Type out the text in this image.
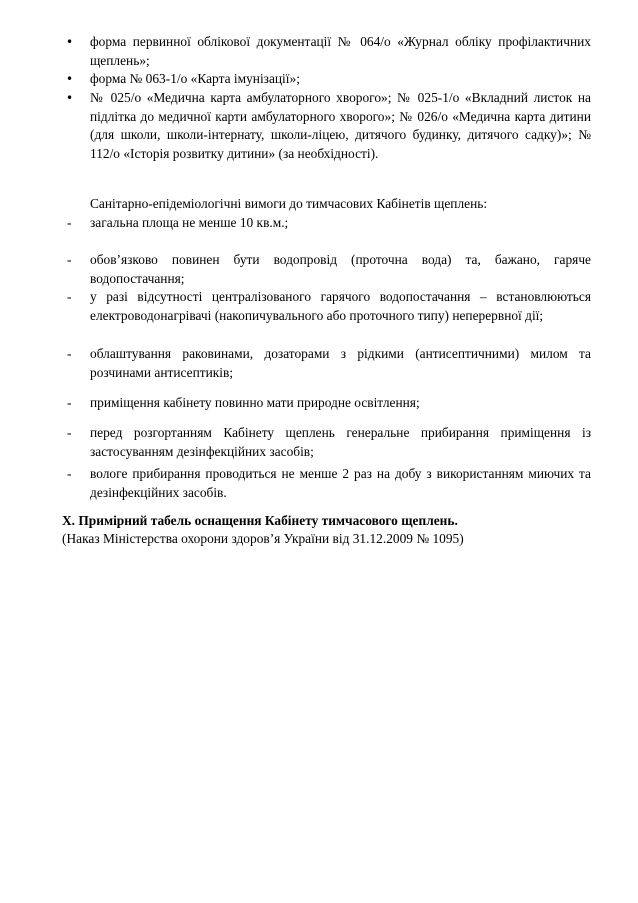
•	форма первинної облікової документації № 064/о «Журнал обліку профілактичних щеплень»;
•	форма № 063-1/о «Карта імунізації»;
•	№ 025/о «Медична карта амбулаторного хворого»; № 025-1/о «Вкладний листок на підлітка до медичної карти амбулаторного хворого»; № 026/о «Медична карта дитини (для школи, школи-інтернату, школи-ліцею, дитячого будинку, дитячого садку)»; № 112/о «Історія розвитку дитини» (за необхідності).
Санітарно-епідеміологічні вимоги до тимчасових Кабінетів щеплень:
-	загальна площа не менше 10 кв.м.;
-	обов’язково повинен бути водопровід (проточна вода) та, бажано, гаряче водопостачання;
-	у разі відсутності централізованого гарячого водопостачання – встановлюються електроводонагрівачі (накопичувального або проточного типу) неперервної дії;
-	облаштування раковинами, дозаторами з рідкими (антисептичними) милом та розчинами антисептиків;
-	приміщення кабінету повинно мати природне освітлення;
-	перед розгортанням Кабінету щеплень генеральне прибирання приміщення із застосуванням дезінфекційних засобів;
-	вологе прибирання проводиться не менше 2 раз на добу з використанням миючих та дезінфекційних засобів.
Х. Примірний табель оснащення Кабінету тимчасового щеплень.
(Наказ Міністерства охорони здоров’я України від 31.12.2009 № 1095)
